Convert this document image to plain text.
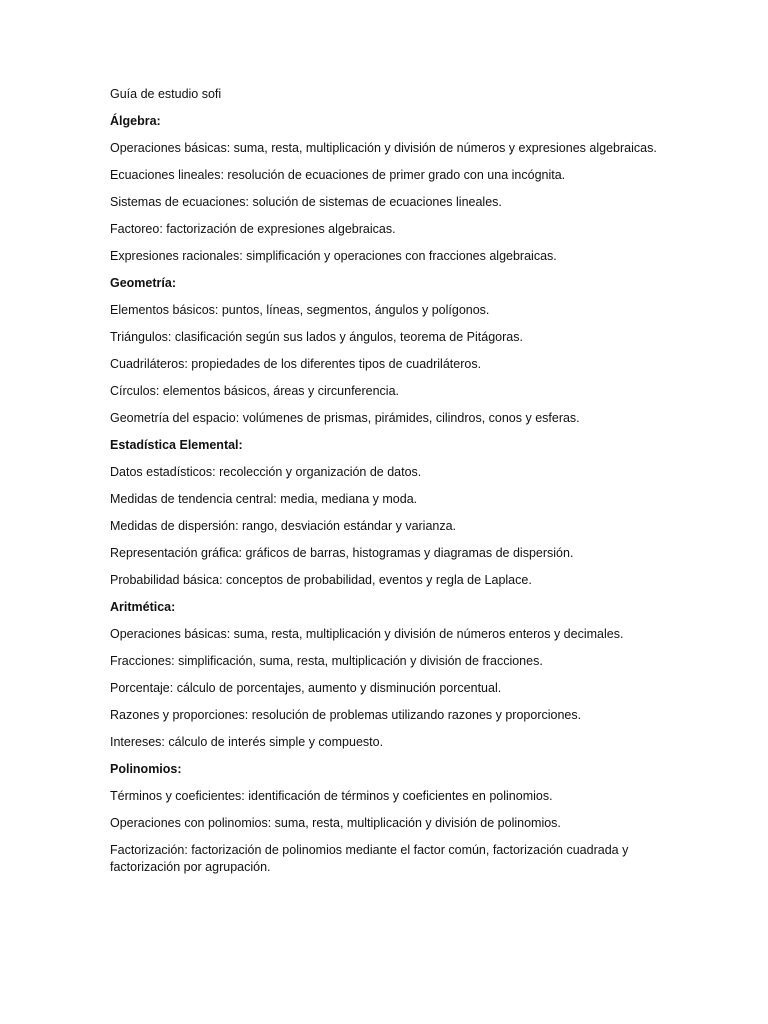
Guía de estudio sofi
Álgebra:
Operaciones básicas: suma, resta, multiplicación y división de números y expresiones algebraicas.
Ecuaciones lineales: resolución de ecuaciones de primer grado con una incógnita.
Sistemas de ecuaciones: solución de sistemas de ecuaciones lineales.
Factoreo: factorización de expresiones algebraicas.
Expresiones racionales: simplificación y operaciones con fracciones algebraicas.
Geometría:
Elementos básicos: puntos, líneas, segmentos, ángulos y polígonos.
Triángulos: clasificación según sus lados y ángulos, teorema de Pitágoras.
Cuadriláteros: propiedades de los diferentes tipos de cuadriláteros.
Círculos: elementos básicos, áreas y circunferencia.
Geometría del espacio: volúmenes de prismas, pirámides, cilindros, conos y esferas.
Estadística Elemental:
Datos estadísticos: recolección y organización de datos.
Medidas de tendencia central: media, mediana y moda.
Medidas de dispersión: rango, desviación estándar y varianza.
Representación gráfica: gráficos de barras, histogramas y diagramas de dispersión.
Probabilidad básica: conceptos de probabilidad, eventos y regla de Laplace.
Aritmética:
Operaciones básicas: suma, resta, multiplicación y división de números enteros y decimales.
Fracciones: simplificación, suma, resta, multiplicación y división de fracciones.
Porcentaje: cálculo de porcentajes, aumento y disminución porcentual.
Razones y proporciones: resolución de problemas utilizando razones y proporciones.
Intereses: cálculo de interés simple y compuesto.
Polinomios:
Términos y coeficientes: identificación de términos y coeficientes en polinomios.
Operaciones con polinomios: suma, resta, multiplicación y división de polinomios.
Factorización: factorización de polinomios mediante el factor común, factorización cuadrada y factorización por agrupación.
